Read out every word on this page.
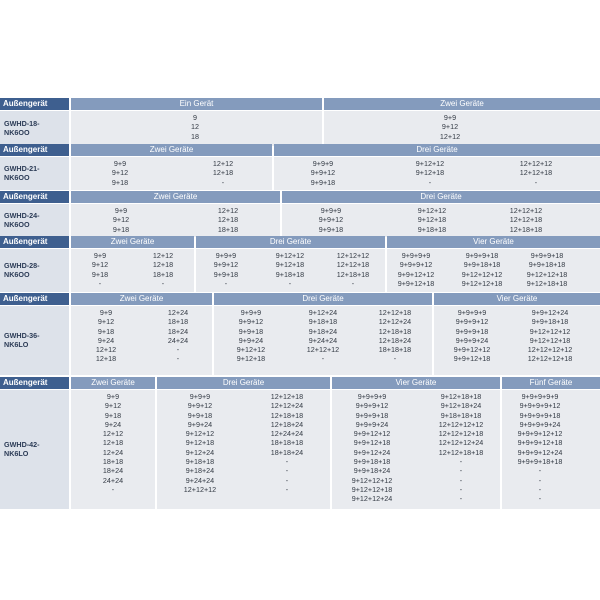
Außengerät
GWHD-18-
NK6OO
Ein Gerät
9
12
18
Zwei Geräte
9+9
9+12
12+12
Außengerät
GWHD-21-
NK6OO
Zwei Geräte
9+9
9+12
9+18
12+12
12+18
-
Drei Geräte
9+9+9
9+9+12
9+9+18
9+12+12
9+12+18
-
12+12+12
12+12+18
-
Außengerät
GWHD-24-
NK6OO
Zwei Geräte
9+9
9+12
9+18
12+12
12+18
18+18
Drei Geräte
9+9+9
9+9+12
9+9+18
9+12+12
9+12+18
9+18+18
12+12+12
12+12+18
12+18+18
Außengerät
GWHD-28-
NK6OO
Zwei Geräte
9+9
9+12
9+18
-
12+12
12+18
18+18
-
Drei Geräte
9+9+9
9+9+12
9+9+18
-
9+12+12
9+12+18
9+18+18
-
12+12+12
12+12+18
12+18+18
-
Vier Geräte
9+9+9+9
9+9+9+12
9+9+12+12
9+9+12+18
9+9+9+18
9+9+18+18
9+12+12+12
9+12+12+18
9+9+9+18
9+9+18+18
9+12+12+18
9+12+18+18
Außengerät
GWHD-36-
NK6LO
Zwei Geräte
9+9
9+12
9+18
9+24
12+12
12+18
12+24
18+18
18+24
24+24
-
-
Drei Geräte
9+9+9
9+9+12
9+9+18
9+9+24
9+12+12
9+12+18
9+12+24
9+18+18
9+18+24
9+24+24
12+12+12
-
12+12+18
12+12+24
12+18+18
12+18+24
18+18+18
-
Vier Geräte
9+9+9+9
9+9+9+12
9+9+9+18
9+9+9+24
9+9+12+12
9+9+12+18
9+9+12+24
9+9+18+18
9+12+12+12
9+12+12+18
12+12+12+12
12+12+12+18
Außengerät
GWHD-42-
NK6LO
Zwei Geräte
9+9
9+12
9+18
9+24
12+12
12+18
12+24
18+18
18+24
24+24
-
Drei Geräte
9+9+9
9+9+12
9+9+18
9+9+24
9+12+12
9+12+18
9+12+24
9+18+18
9+18+24
9+24+24
12+12+12
12+12+18
12+12+24
12+18+18
12+18+24
12+24+24
18+18+18
18+18+24
-
-
-
-
Vier Geräte
9+9+9+9
9+9+9+12
9+9+9+18
9+9+9+24
9+9+12+12
9+9+12+18
9+9+12+24
9+9+18+18
9+9+18+24
9+12+12+12
9+12+12+18
9+12+12+24
9+12+18+18
9+12+18+24
9+18+18+18
12+12+12+12
12+12+12+18
12+12+12+24
12+12+18+18
-
-
-
-
-
Fünf Geräte
9+9+9+9+9
9+9+9+9+12
9+9+9+9+18
9+9+9+9+24
9+9+9+12+12
9+9+9+12+18
9+9+9+12+24
9+9+9+18+18
-
-
-
-
